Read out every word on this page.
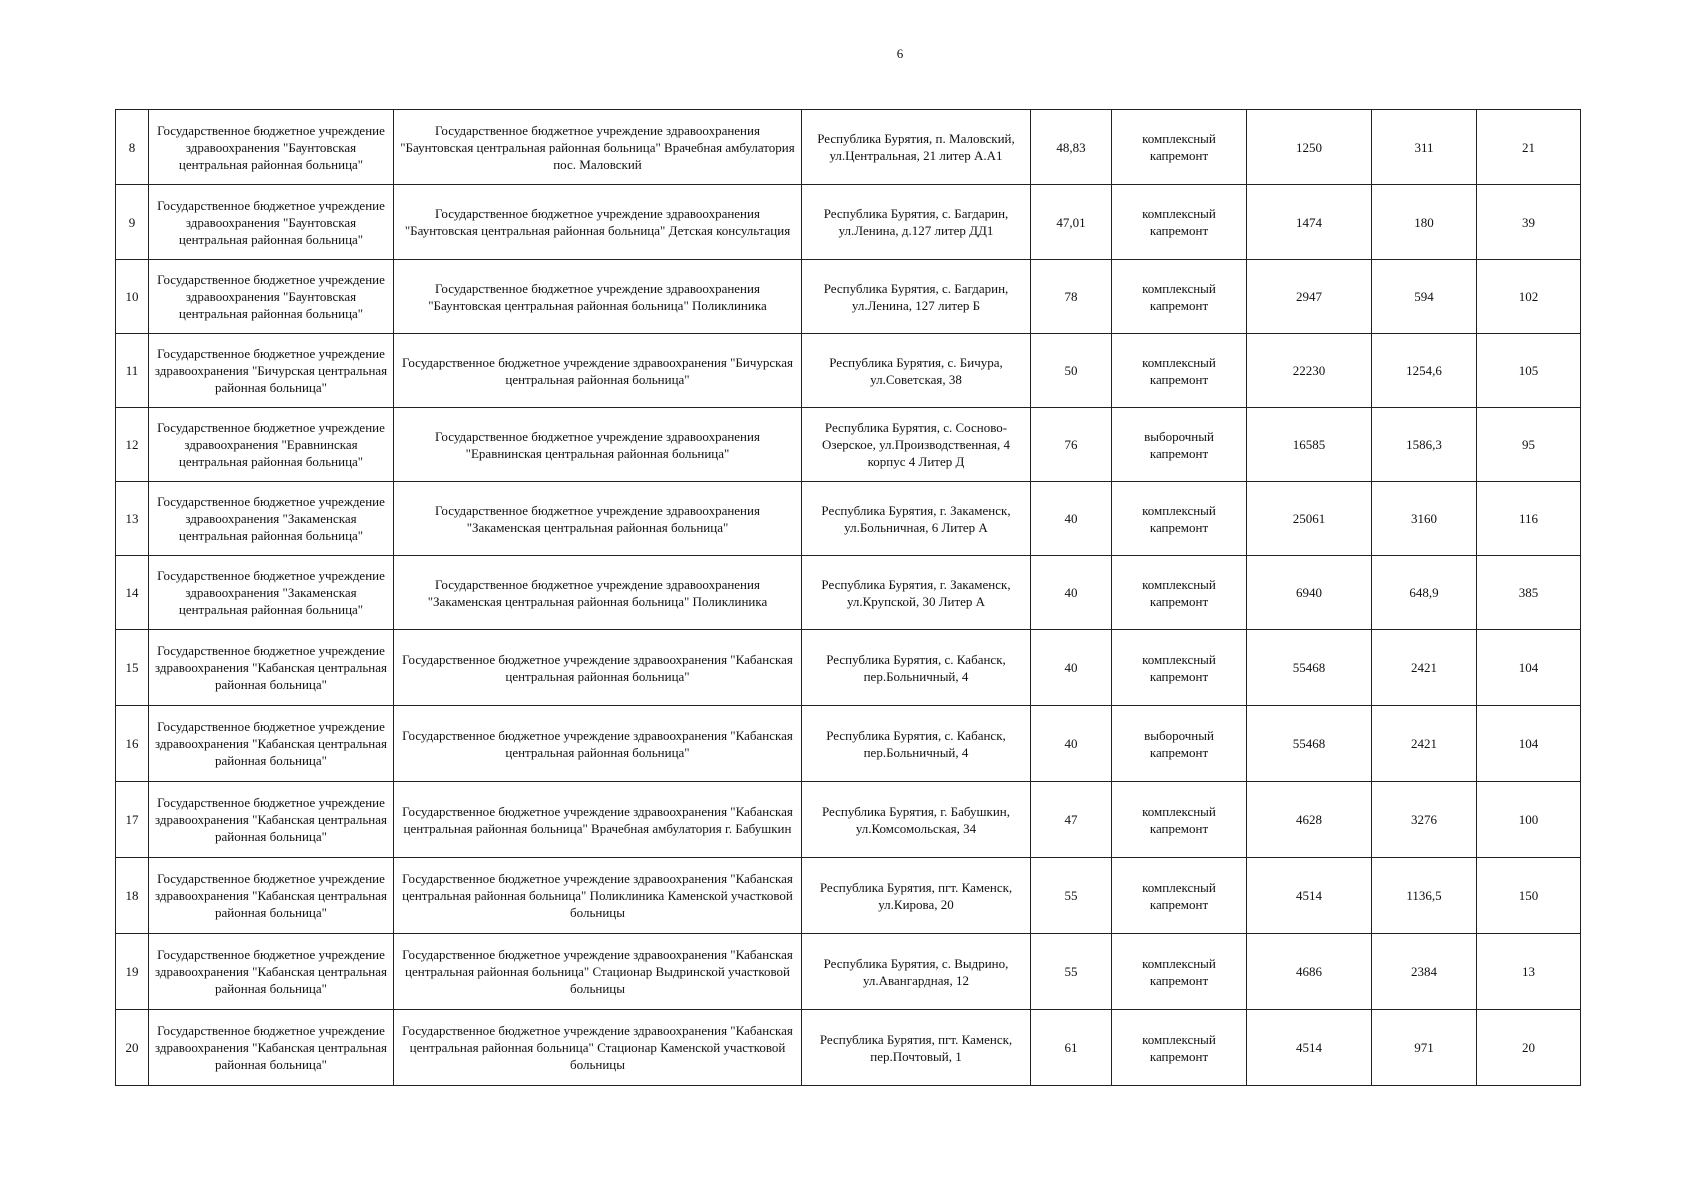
6
8	Государственное бюджетное учреждение здравоохранения "Баунтовская центральная районная больница"	Государственное бюджетное учреждение здравоохранения "Баунтовская центральная районная больница" Врачебная амбулатория пос. Маловский	Республика Бурятия, п. Маловский, ул.Центральная, 21 литер А.А1	48,83	комплексный капремонт	1250	311	21
9	Государственное бюджетное учреждение здравоохранения "Баунтовская центральная районная больница"	Государственное бюджетное учреждение здравоохранения "Баунтовская центральная районная больница" Детская консультация	Республика Бурятия, с. Багдарин, ул.Ленина, д.127 литер ДД1	47,01	комплексный капремонт	1474	180	39
10	Государственное бюджетное учреждение здравоохранения "Баунтовская центральная районная больница"	Государственное бюджетное учреждение здравоохранения "Баунтовская центральная районная больница" Поликлиника	Республика Бурятия, с. Багдарин, ул.Ленина, 127 литер Б	78	комплексный капремонт	2947	594	102
11	Государственное бюджетное учреждение здравоохранения "Бичурская центральная районная больница"	Государственное бюджетное учреждение здравоохранения "Бичурская центральная районная больница"	Республика Бурятия, с. Бичура, ул.Советская, 38	50	комплексный капремонт	22230	1254,6	105
12	Государственное бюджетное учреждение здравоохранения "Еравнинская центральная районная больница"	Государственное бюджетное учреждение здравоохранения "Еравнинская центральная районная больница"	Республика Бурятия, с. Сосново-Озерское, ул.Производственная, 4 корпус 4 Литер Д	76	выборочный капремонт	16585	1586,3	95
13	Государственное бюджетное учреждение здравоохранения "Закаменская центральная районная больница"	Государственное бюджетное учреждение здравоохранения "Закаменская центральная районная больница"	Республика Бурятия, г. Закаменск, ул.Больничная, 6 Литер А	40	комплексный капремонт	25061	3160	116
14	Государственное бюджетное учреждение здравоохранения "Закаменская центральная районная больница"	Государственное бюджетное учреждение здравоохранения "Закаменская центральная районная больница" Поликлиника	Республика Бурятия, г. Закаменск, ул.Крупской, 30 Литер А	40	комплексный капремонт	6940	648,9	385
15	Государственное бюджетное учреждение здравоохранения "Кабанская центральная районная больница"	Государственное бюджетное учреждение здравоохранения "Кабанская центральная районная больница"	Республика Бурятия, с. Кабанск, пер.Больничный, 4	40	комплексный капремонт	55468	2421	104
16	Государственное бюджетное учреждение здравоохранения "Кабанская центральная районная больница"	Государственное бюджетное учреждение здравоохранения "Кабанская центральная районная больница"	Республика Бурятия, с. Кабанск, пер.Больничный, 4	40	выборочный капремонт	55468	2421	104
17	Государственное бюджетное учреждение здравоохранения "Кабанская центральная районная больница"	Государственное бюджетное учреждение здравоохранения "Кабанская центральная районная больница" Врачебная амбулатория г. Бабушкин	Республика Бурятия, г. Бабушкин, ул.Комсомольская, 34	47	комплексный капремонт	4628	3276	100
18	Государственное бюджетное учреждение здравоохранения "Кабанская центральная районная больница"	Государственное бюджетное учреждение здравоохранения "Кабанская центральная районная больница" Поликлиника Каменской участковой больницы	Республика Бурятия, пгт. Каменск, ул.Кирова, 20	55	комплексный капремонт	4514	1136,5	150
19	Государственное бюджетное учреждение здравоохранения "Кабанская центральная районная больница"	Государственное бюджетное учреждение здравоохранения "Кабанская центральная районная больница" Стационар Выдринской участковой больницы	Республика Бурятия, с. Выдрино, ул.Авангардная, 12	55	комплексный капремонт	4686	2384	13
20	Государственное бюджетное учреждение здравоохранения "Кабанская центральная районная больница"	Государственное бюджетное учреждение здравоохранения "Кабанская центральная районная больница" Стационар Каменской участковой больницы	Республика Бурятия, пгт. Каменск, пер.Почтовый, 1	61	комплексный капремонт	4514	971	20
